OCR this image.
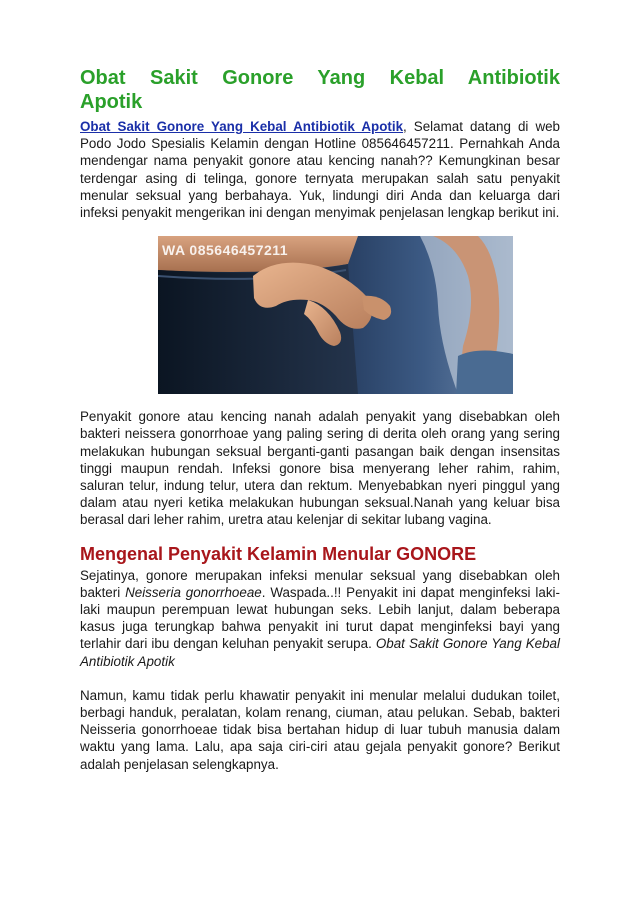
Obat Sakit Gonore Yang Kebal Antibiotik Apotik

Obat Sakit Gonore Yang Kebal Antibiotik Apotik, Selamat datang di web Podo Jodo Spesialis Kelamin dengan Hotline 085646457211. Pernahkah Anda mendengar nama penyakit gonore atau kencing nanah?? Kemungkinan besar terdengar asing di telinga, gonore ternyata merupakan salah satu penyakit menular seksual yang berbahaya. Yuk, lindungi diri Anda dan keluarga dari infeksi penyakit mengerikan ini dengan menyimak penjelasan lengkap berikut ini.

WA 085646457211

Penyakit gonore atau kencing nanah adalah penyakit yang disebabkan oleh bakteri neissera gonorrhoae yang paling sering di derita oleh orang yang sering melakukan hubungan seksual berganti-ganti pasangan baik dengan insensitas tinggi maupun rendah. Infeksi gonore bisa menyerang leher rahim, rahim, saluran telur, indung telur, utera dan rektum. Menyebabkan nyeri pinggul yang dalam atau nyeri ketika melakukan hubungan seksual.Nanah yang keluar bisa berasal dari leher rahim, uretra atau kelenjar di sekitar lubang vagina.

Mengenal Penyakit Kelamin Menular GONORE

Sejatinya, gonore merupakan infeksi menular seksual yang disebabkan oleh bakteri Neisseria gonorrhoeae. Waspada..!! Penyakit ini dapat menginfeksi laki-laki maupun perempuan lewat hubungan seks. Lebih lanjut, dalam beberapa kasus juga terungkap bahwa penyakit ini turut dapat menginfeksi bayi yang terlahir dari ibu dengan keluhan penyakit serupa. Obat Sakit Gonore Yang Kebal Antibiotik Apotik

Namun, kamu tidak perlu khawatir penyakit ini menular melalui dudukan toilet, berbagi handuk, peralatan, kolam renang, ciuman, atau pelukan. Sebab, bakteri Neisseria gonorrhoeae tidak bisa bertahan hidup di luar tubuh manusia dalam waktu yang lama. Lalu, apa saja ciri-ciri atau gejala penyakit gonore? Berikut adalah penjelasan selengkapnya.
